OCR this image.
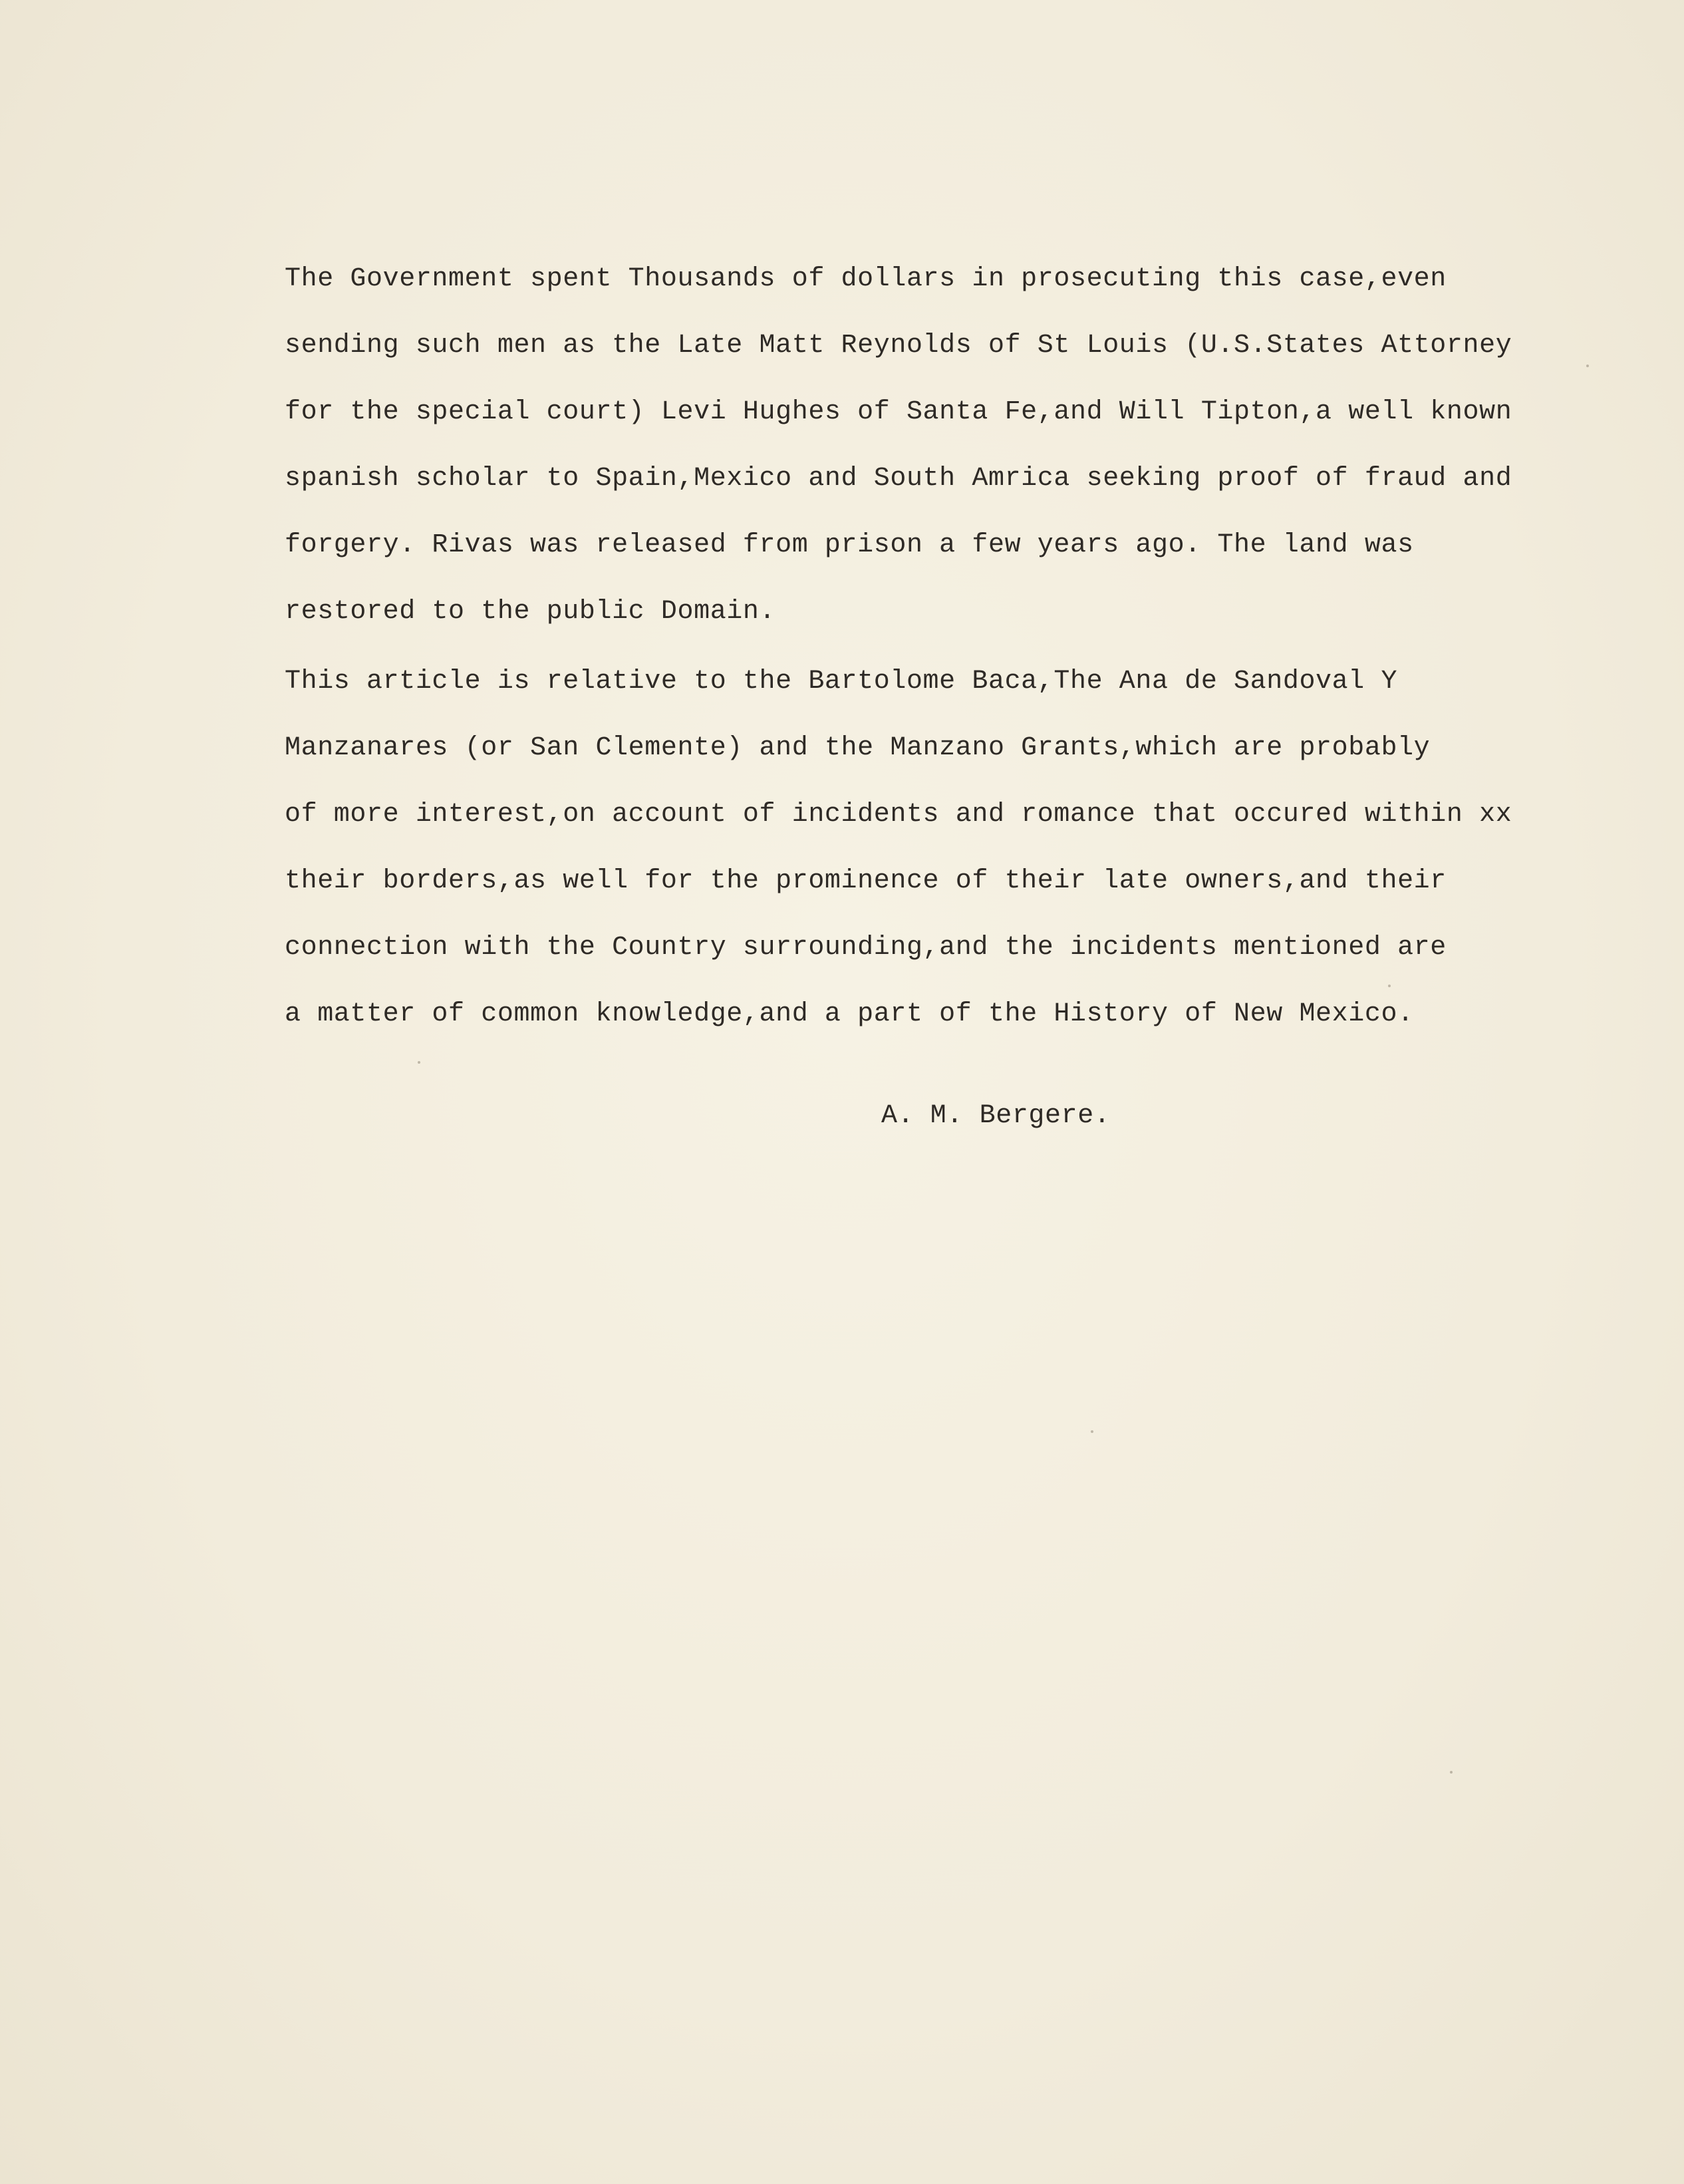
The Government spent Thousands of dollars in prosecuting this case,even
sending such men as the Late Matt Reynolds of St Louis (U.S.States Attorney
for the special court) Levi Hughes of Santa Fe,and Will Tipton,a well known
spanish scholar to Spain,Mexico and South Amrica seeking proof of fraud and
forgery. Rivas was released from prison a few years ago. The land was
restored to the public Domain.
This article is relative to the Bartolome Baca,The Ana de Sandoval Y
Manzanares (or San Clemente) and the Manzano Grants,which are probably
of more interest,on account of incidents and romance that occured within xx
their borders,as well for the prominence of their late owners,and their
connection with the Country surrounding,and the incidents mentioned are
a matter of common knowledge,and a part of the History of New Mexico.
A. M. Bergere.
